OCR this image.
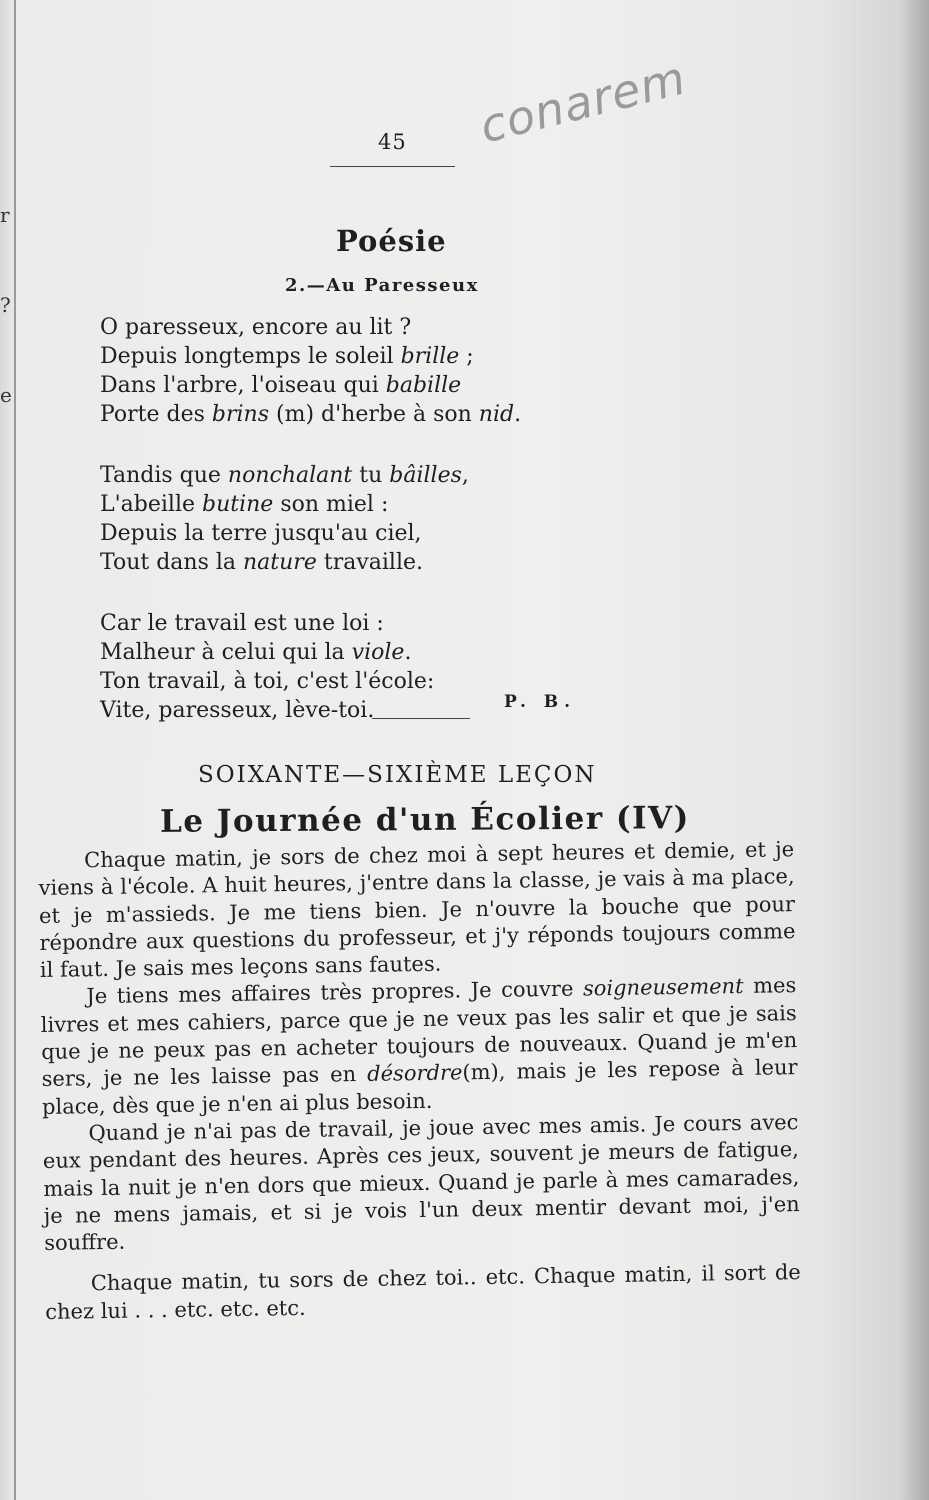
r
?
e
45 conarem
Poésie
2.—Au Paresseux
O paresseux, encore au lit ?
Depuis longtemps le soleil brille ;
Dans l'arbre, l'oiseau qui babille
Porte des brins (m) d'herbe à son nid.
Tandis que nonchalant tu bâilles,
L'abeille butine son miel :
Depuis la terre jusqu'au ciel,
Tout dans la nature travaille.
Car le travail est une loi :
Malheur à celui qui la viole.
Ton travail, à toi, c'est l'école:
Vite, paresseux, lève-toi.	P. B.
SOIXANTE—SIXIÈME LEÇON
Le Journée d'un Écolier (IV)

Chaque matin, je sors de chez moi à sept heures et demie, et je viens à l'école. A huit heures, j'entre dans la classe, je vais à ma place, et je m'assieds. Je me tiens bien. Je n'ouvre la bouche que pour répondre aux questions du professeur, et j'y réponds toujours comme il faut. Je sais mes leçons sans fautes.

Je tiens mes affaires très propres. Je couvre soigneusement mes livres et mes cahiers, parce que je ne veux pas les salir et que je sais que je ne peux pas en acheter toujours de nouveaux. Quand je m'en sers, je ne les laisse pas en désordre(m), mais je les repose à leur place, dès que je n'en ai plus besoin.

Quand je n'ai pas de travail, je joue avec mes amis. Je cours avec eux pendant des heures. Après ces jeux, souvent je meurs de fatigue, mais la nuit je n'en dors que mieux. Quand je parle à mes camarades, je ne mens jamais, et si je vois l'un deux mentir devant moi, j'en souffre.

Chaque matin, tu sors de chez toi.. etc. Chaque matin, il sort de chez lui . . . etc. etc. etc.
